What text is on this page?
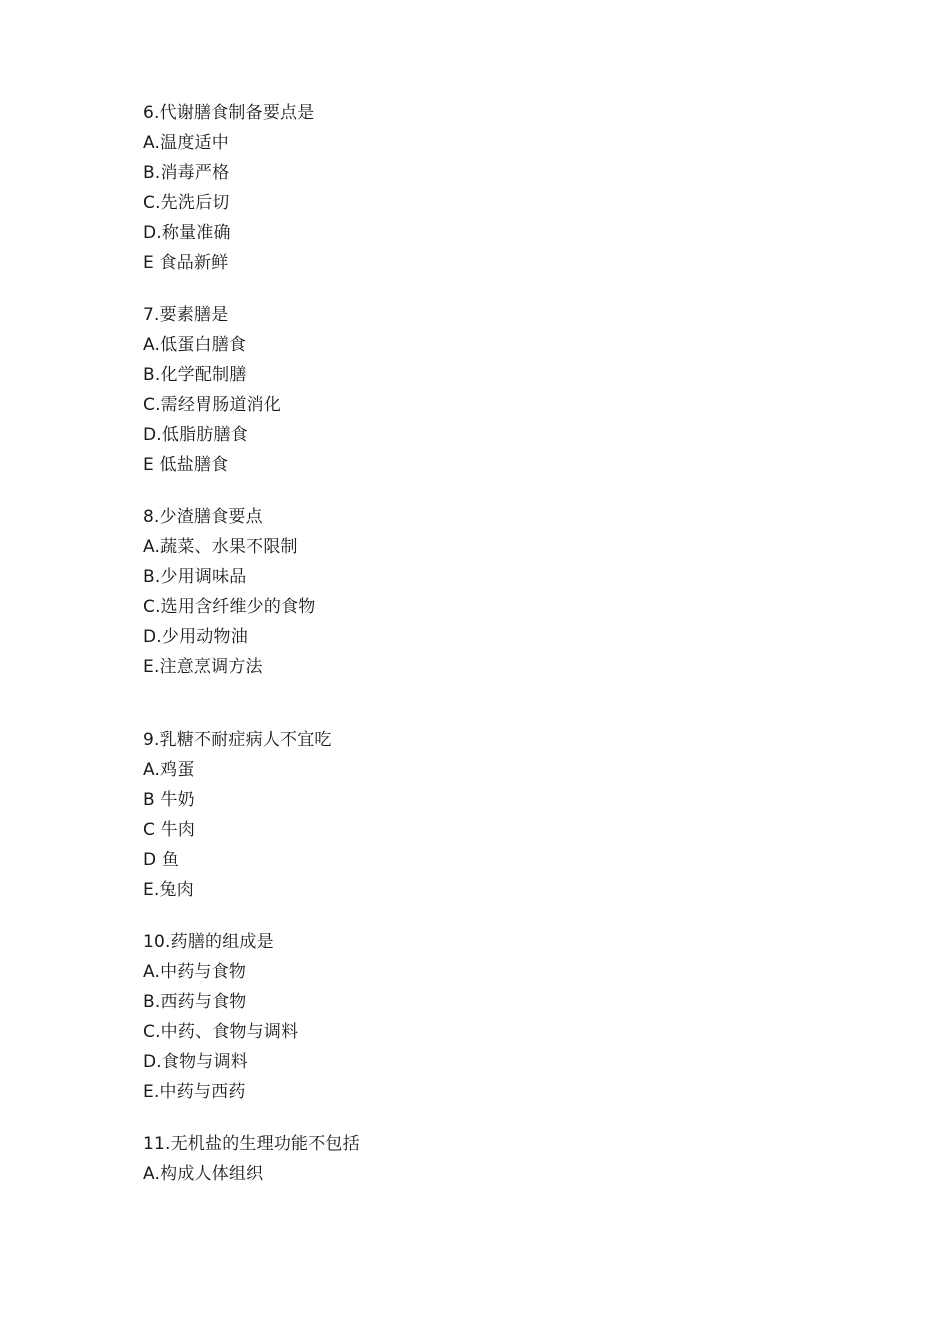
6.代谢膳食制备要点是
A.温度适中
B.消毒严格
C.先洗后切
D.称量准确
E 食品新鲜
7.要素膳是
A.低蛋白膳食
B.化学配制膳
C.需经胃肠道消化
D.低脂肪膳食
E 低盐膳食
8.少渣膳食要点
A.蔬菜、水果不限制
B.少用调味品
C.选用含纤维少的食物
D.少用动物油
E.注意烹调方法
9.乳糖不耐症病人不宜吃
A.鸡蛋
B 牛奶
C 牛肉
D 鱼
E.兔肉
10.药膳的组成是
A.中药与食物
B.西药与食物
C.中药、食物与调料
D.食物与调料
E.中药与西药
11.无机盐的生理功能不包括
A.构成人体组织
